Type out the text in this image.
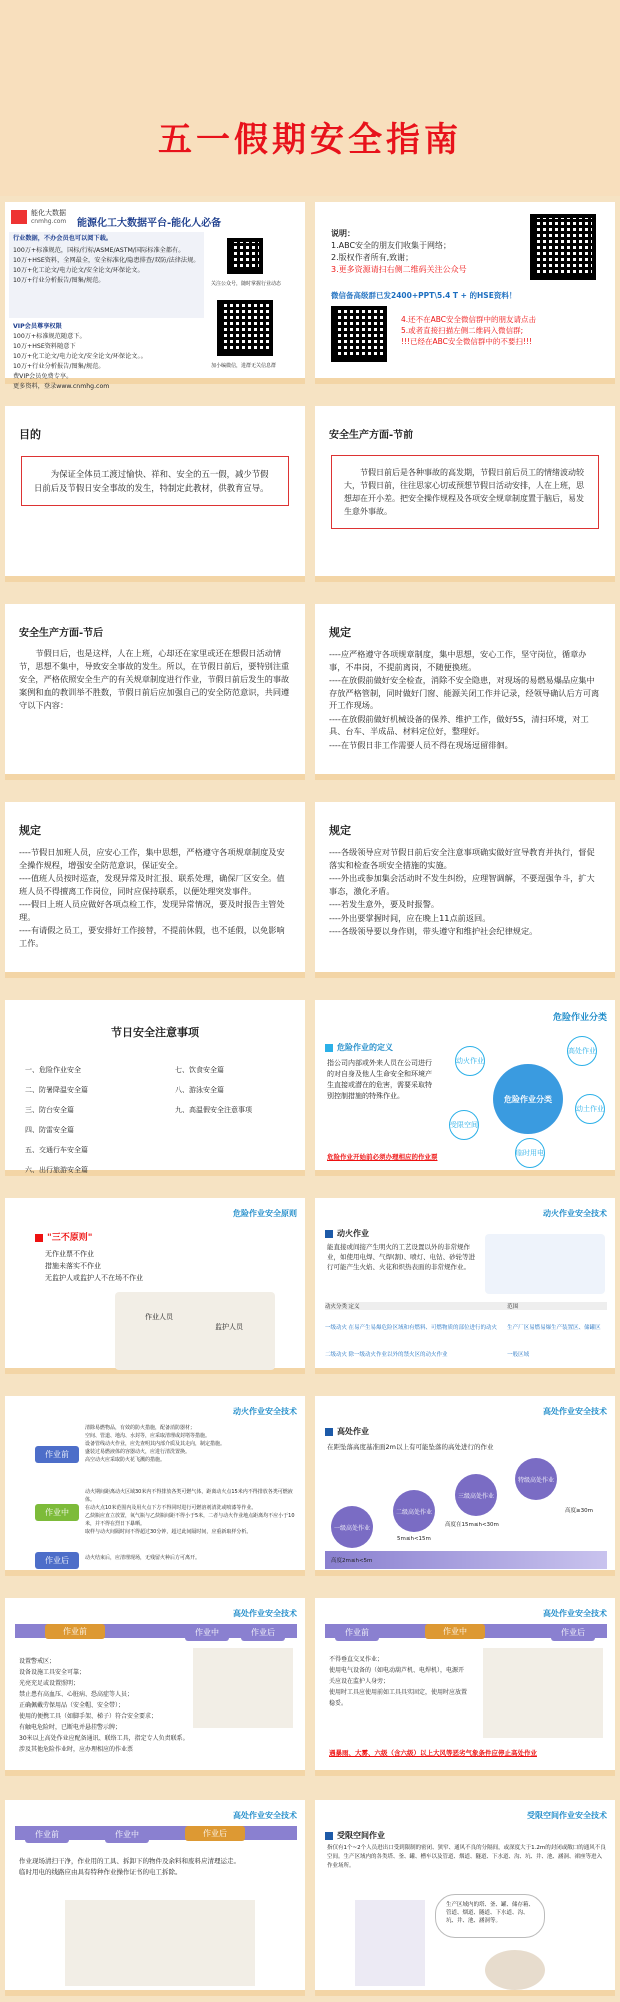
五一假期安全指南
能化大数据
cnmhg.com 能源化工大数据平台-能化人必备
行业数据，不办会员也可以阅下载。
100万+标准规范，国标/行标/ASME/ASTM/国际标准全都有。
10万+HSE资料，全网最全，安全标准化/隐患排查/双防/法律法规。
10万+化工论文/电力论文/安全论文/环保论文。
10万+行业分析报告/图集/规范。
VIP会员尊享权限
100万+标准规范随意下。
10万+HSE资料随意下
10万+化工论文/电力论文/安全论文/环保论文。。
10万+行业分析报告/图集/规范。
费VIP会员免费专享。
更多资料，登录www.cnmhg.com
关注公众号，随时掌握行业动态
加小编微信，进群无关信息群
说明：
1.ABC安全的朋友们收集于网络；
2.版权作者所有,致谢；
3.更多资源请扫右侧二维码关注公众号
微信备高级群已发2400+PPT\5.4 T + 的HSE资料！
4.还不在ABC安全微信群中的朋友请点击
5.或者直接扫描左侧二维码入微信群;
!!!已经在ABC安全微信群中的不要扫!!!
目的
为保证全体员工渡过愉快、祥和、安全的五一假，减少节假日前后及节假日安全事故的发生，特制定此教材，供教育宣导。
安全生产方面-节前
节假日前后是各种事故的高发期，节假日前后员工的情绪波动较大，节假日前，往往思家心切或预想节假日活动安排，人在上班，思想却在开小差。把安全操作规程及各项安全规章制度置于脑后，易发生意外事故。
安全生产方面-节后
节假日后，也是这样，人在上班，心却还在家里或还在想假日活动情节，思想不集中，导致安全事故的发生。所以，在节假日前后，要特别注重安全，严格依照安全生产的有关规章制度进行作业，节假日前后发生的事故案例和血的教训举不胜数，节假日前后应加强自己的安全防范意识，共同遵守以下内容：
规定
----应严格遵守各项规章制度，集中思想，安心工作，坚守岗位，循章办事，不串岗，不提前离岗，不随便换班。
----在放假前做好安全检查，消除不安全隐患，对现场的易燃易爆品应集中存放严格管制，同时做好门窗、能源关闭工作并记录，经领导确认后方可离开工作现场。
----在放假前做好机械设备的保养、维护工作，做好5S，清扫环境，对工具、台车、半成品、材料定位好，整理好。
----在节假日非工作需要人员不得在现场逗留徘徊。
规定
----节假日加班人员，应安心工作，集中思想，严格遵守各项规章制度及安全操作规程，增强安全防范意识，保证安全。
----值班人员按时巡查，发现异常及时汇报、联系处理，确保厂区安全。值班人员不得擅离工作岗位，同时应保持联系，以便处理突发事件。
----假日上班人员应做好各项点检工作，发现异常情况，要及时报告主管处理。
----有请假之员工，要安排好工作接替，不提前休假，也不延假，以免影响工作。
规定
----各级领导应对节假日前后安全注意事项确实做好宣导教育并执行，督促落实和检查各项安全措施的实施。
----外出或参加集会活动时不发生纠纷，应理智调解，不要逞强争斗，扩大事态，激化矛盾。
----若发生意外，要及时报警。
----外出要掌握时间，应在晚上11点前返回。
----各级领导要以身作则，带头遵守和维护社会纪律规定。
节日安全注意事项
一、危险作业安全
二、防暑降温安全篇
三、防台安全篇
四、防雷安全篇
五、交通行车安全篇
六、出行旅游安全篇
七、饮食安全篇
八、游泳安全篇
九、高温假安全注意事项
危险作业分类
危险作业的定义
指公司内部或外来人员在公司进行的对自身及他人生命安全和环境产生直接或潜在的危害，需要采取特别控制措施的特殊作业。	危险作业分类
动火作业
高处作业
动土作业
临时用电
受限空间
危险作业开始前必须办理相应的作业票
危险作业安全原则
"三不原则"
无作业票不作业
措施未落实不作业
无监护人或监护人不在场不作业
作业人员
监护人员
动火作业安全技术
动火作业
能直接或间接产生明火的工艺设置以外的非常规作业，如使用电焊、气焊(割)、喷灯、电钻、砂轮等进行可能产生火焰、火花和炽热表面的非常规作业。
动火分类	定义	范围
一级动火	在易产生易爆危险区域和有燃料、可燃物质的部位进行的动火	生产厂区易燃易爆生产装置区、储罐区
二级动火	除一级动火作业以外的禁火区的动火作业	一般区域
动火作业安全技术
作业前
作业中
作业后
清除易燃物品，有效的防火措施，配备消防器材；
空间、管道、地沟、水封等，应采取清理或封堵等措施。
设备管线动火作业，应先查明其内部介质及其走向，制定措施。
盛装过易燃液体的容器动火，应进行清洗置换。
高空动火应采取防火花飞溅的措施。
动火期间距离动火区域30米内不得排放各类可燃气体，距离动火点15米内不得排放各类可燃液体。
在动火点10米范围内及用火点下方不得同时进行可燃溶剂清洗或喷漆等作业。
乙炔瓶应直立放置，氧气瓶与乙炔瓶间距不得小于5米，二者与动火作业地点距离均不应小于10米，并不得在烈日下暴晒。
取样与动火间隔时间不得超过30分钟，超过此间隔时间，应重新取样分析。
动火结束后，应清理现场，无残留火种后方可离开。
高处作业安全技术
高处作业
在距坠落高度基准面2m以上有可能坠落的高处进行的作业
一级高处作业
二级高处作业
三级高处作业
特级高处作业
高度2m≤h<5m
5m≤h<15m
高度在15m≤h<30m
高度≥30m
高处作业安全技术
作业前	作业中	作业后
设置警戒区；
设备设施工具安全可靠；
光亮充足或设置照明；
禁止患有高血压、心脏病、恐高症等人员；
正确佩戴劳保用品（安全帽、安全带）；
使用的便携工具（如脚手架、梯子）符合安全要求；
有触电危险时，已断电并悬挂警示牌；
30米以上高处作业应配备通讯、联络工具，指定专人负责联系。
涉及其他危险作业时，应办理相应的作业票
高处作业安全技术
作业前	作业中	作业后
不得垂直交叉作业；
使用电气设备的（如电动葫芦机、电焊机），电源开关应设在监护人身旁；
使用时工具应使用前如工具具实固定，使用时应放置稳妥。
遇暴雨、大雾、六级（含六级）以上大风等恶劣气象条件应停止高处作业
高处作业安全技术
作业前	作业中	作业后
作业现场清扫干净，作业用的工具、拆卸下的物件及余料和废料应清理运走。
临时用电的线路应由具有特种作业操作证书的电工拆除。
受限空间作业安全技术
受限空间作业
指仅有1个~2个人员进出口受到限制的密闭、狭窄、通风不良的分隔间，或深度大于1.2m的封闭或敞口的通风不良空间。生产区域内的各类塔、釜、罐、槽车以及管道、烟道、隧道、下水道、沟、坑、井、池、涵洞、裙座等进入作业场所。
生产区域内的塔、釜、罐、储存箱、管道、烟道、隧道、下水道、沟、坑、井、池、涵洞等。
